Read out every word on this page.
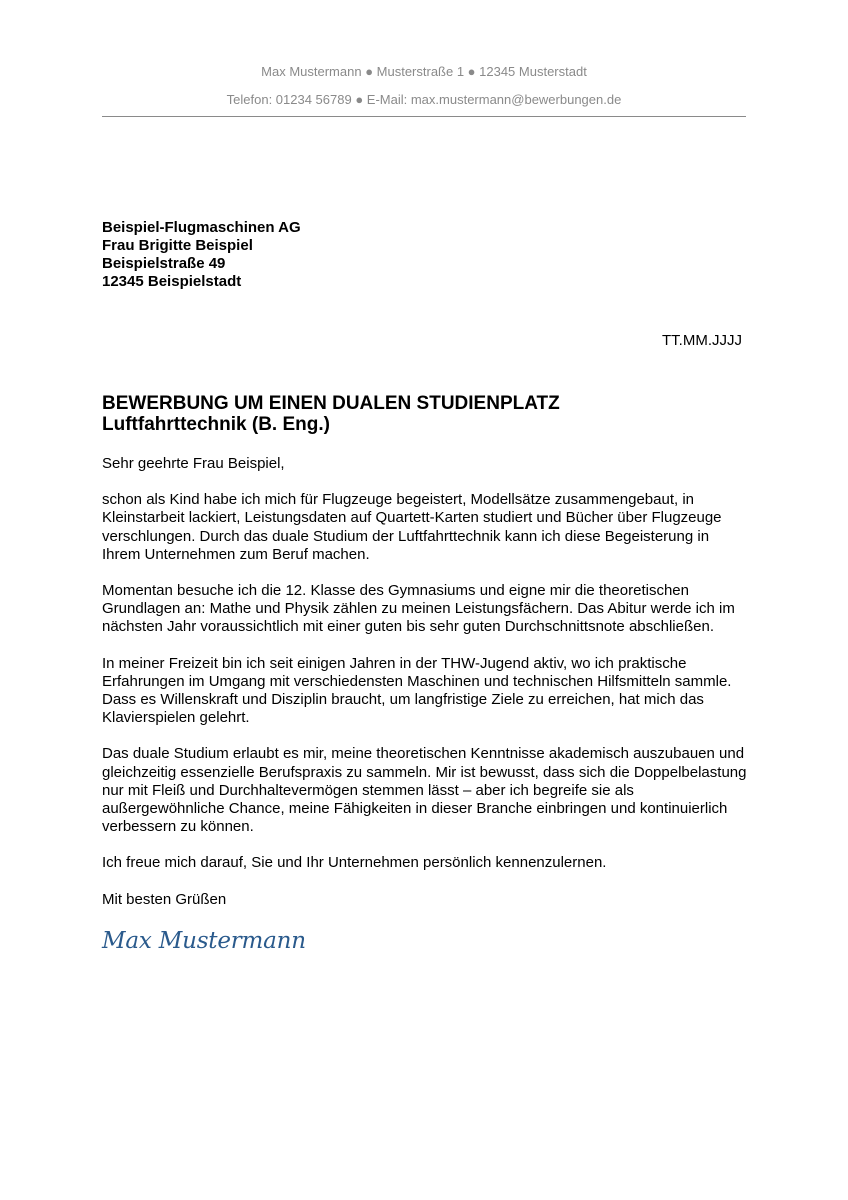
Max Mustermann ● Musterstraße 1 ● 12345 Musterstadt
Telefon: 01234 56789 ● E-Mail: max.mustermann@bewerbungen.de
Beispiel-Flugmaschinen AG
Frau Brigitte Beispiel
Beispielstraße 49
12345 Beispielstadt
TT.MM.JJJJ
BEWERBUNG UM EINEN DUALEN STUDIENPLATZ
Luftfahrttechnik (B. Eng.)

Sehr geehrte Frau Beispiel,

schon als Kind habe ich mich für Flugzeuge begeistert, Modellsätze zusammengebaut, in Kleinstarbeit lackiert, Leistungsdaten auf Quartett-Karten studiert und Bücher über Flugzeuge verschlungen. Durch das duale Studium der Luftfahrttechnik kann ich diese Begeisterung in Ihrem Unternehmen zum Beruf machen.

Momentan besuche ich die 12. Klasse des Gymnasiums und eigne mir die theoretischen Grundlagen an: Mathe und Physik zählen zu meinen Leistungsfächern. Das Abitur werde ich im nächsten Jahr voraussichtlich mit einer guten bis sehr guten Durchschnittsnote abschließen.

In meiner Freizeit bin ich seit einigen Jahren in der THW-Jugend aktiv, wo ich praktische Erfahrungen im Umgang mit verschiedensten Maschinen und technischen Hilfsmitteln sammle. Dass es Willenskraft und Disziplin braucht, um langfristige Ziele zu erreichen, hat mich das Klavierspielen gelehrt.

Das duale Studium erlaubt es mir, meine theoretischen Kenntnisse akademisch auszubauen und gleichzeitig essenzielle Berufspraxis zu sammeln. Mir ist bewusst, dass sich die Doppelbelastung nur mit Fleiß und Durchhaltevermögen stemmen lässt – aber ich begreife sie als außergewöhnliche Chance, meine Fähigkeiten in dieser Branche einbringen und kontinuierlich verbessern zu können.

Ich freue mich darauf, Sie und Ihr Unternehmen persönlich kennenzulernen.

Mit besten Grüßen

Max Mustermann
